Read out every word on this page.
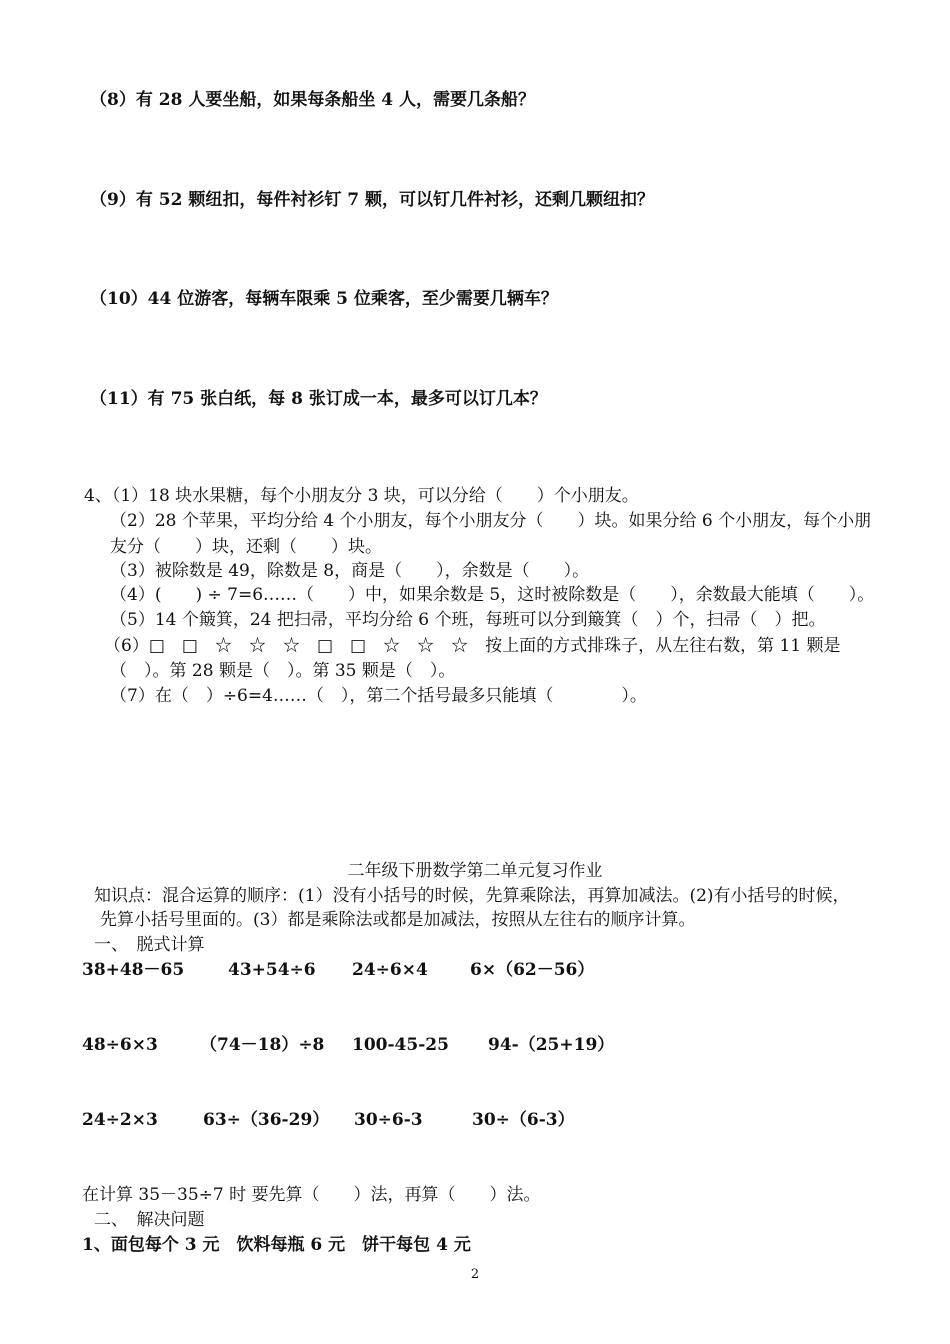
（8）有 28 人要坐船，如果每条船坐 4 人，需要几条船？
（9）有 52 颗纽扣，每件衬衫钉 7 颗，可以钉几件衬衫，还剩几颗纽扣？
（10）44 位游客，每辆车限乘 5 位乘客，至少需要几辆车？
（11）有 75 张白纸，每 8 张订成一本，最多可以订几本？
4、（1）18 块水果糖，每个小朋友分 3 块，可以分给（　　）个小朋友。
（2）28 个苹果，平均分给 4 个小朋友，每个小朋友分（　　）块。如果分给 6 个小朋友，每个小朋
友分（　　）块，还剩（　　）块。
（3）被除数是 49，除数是 8，商是（　　），余数是（　　）。
（4）(　　) ÷ 7=6……（　　）中，如果余数是 5，这时被除数是（　　），余数最大能填（　　）。
（5）14 个簸箕，24 把扫帚，平均分给 6 个班，每班可以分到簸箕（　）个，扫帚（　）把。
（6）□　□　☆　☆　☆　□　□　☆　☆　☆　按上面的方式排珠子，从左往右数，第 11 颗是
（　）。第 28 颗是（　）。第 35 颗是（　）。
（7）在（　）÷6=4……（　），第二个括号最多只能填（　　　　）。
二年级下册数学第二单元复习作业
知识点：混合运算的顺序：(1）没有小括号的时候，先算乘除法，再算加减法。(2)有小括号的时候，
先算小括号里面的。(3）都是乘除法或都是加减法，按照从左往右的顺序计算。
一、　脱式计算
38+48－65	43+54÷6 24÷6×4 6×（62－56）
48÷6×3 （74－18）÷8 100-45-25 94-（25+19）
24÷2×3	63÷（36-29） 30÷6-3	30÷（6-3）
在计算 35－35÷7 时 要先算（　　）法，再算（　　）法。
二、　解决问题
1、面包每个 3 元　饮料每瓶 6 元　饼干每包 4 元
2
